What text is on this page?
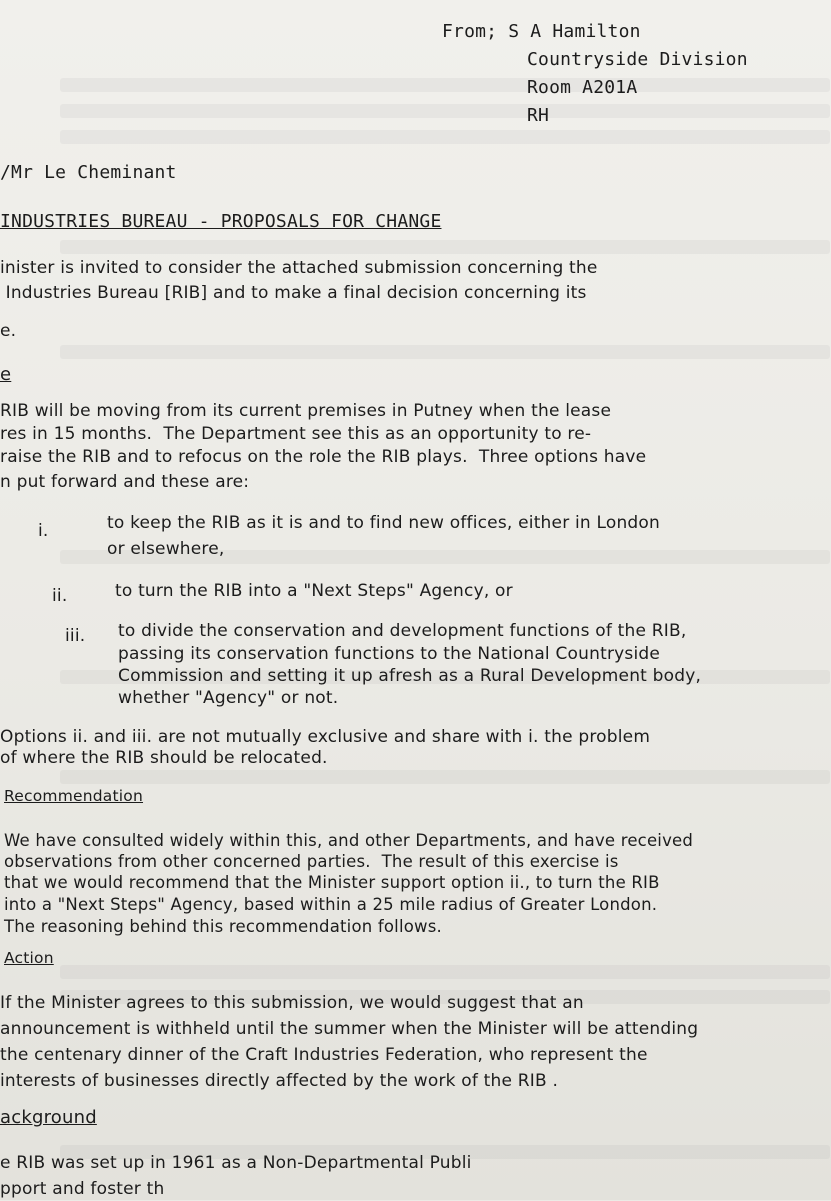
From; S A Hamilton
Countryside Division
Room A201A
RH
/Mr Le Cheminant
INDUSTRIES BUREAU - PROPOSALS FOR CHANGE
inister is invited to consider the attached submission concerning the
Industries Bureau [RIB] and to make a final decision concerning its
e.
e
RIB will be moving from its current premises in Putney when the lease
res in 15 months.  The Department see this as an opportunity to re-
raise the RIB and to refocus on the role the RIB plays.  Three options have
n put forward and these are:
i.	to keep the RIB as it is and to find new offices, either in London
or elsewhere,
ii.	to turn the RIB into a "Next Steps" Agency, or
iii. to divide the conservation and development functions of the RIB,
passing its conservation functions to the National Countryside
Commission and setting it up afresh as a Rural Development body,
whether "Agency" or not.
Options ii. and iii. are not mutually exclusive and share with i. the problem
of where the RIB should be relocated.
Recommendation
We have consulted widely within this, and other Departments, and have received
observations from other concerned parties.  The result of this exercise is
that we would recommend that the Minister support option ii., to turn the RIB
into a "Next Steps" Agency, based within a 25 mile radius of Greater London.
The reasoning behind this recommendation follows.
Action
If the Minister agrees to this submission, we would suggest that an
announcement is withheld until the summer when the Minister will be attending
the centenary dinner of the Craft Industries Federation, who represent the
interests of businesses directly affected by the work of the RIB .
ackground
e RIB was set up in 1961 as a Non-Departmental Publi
pport and foster th
